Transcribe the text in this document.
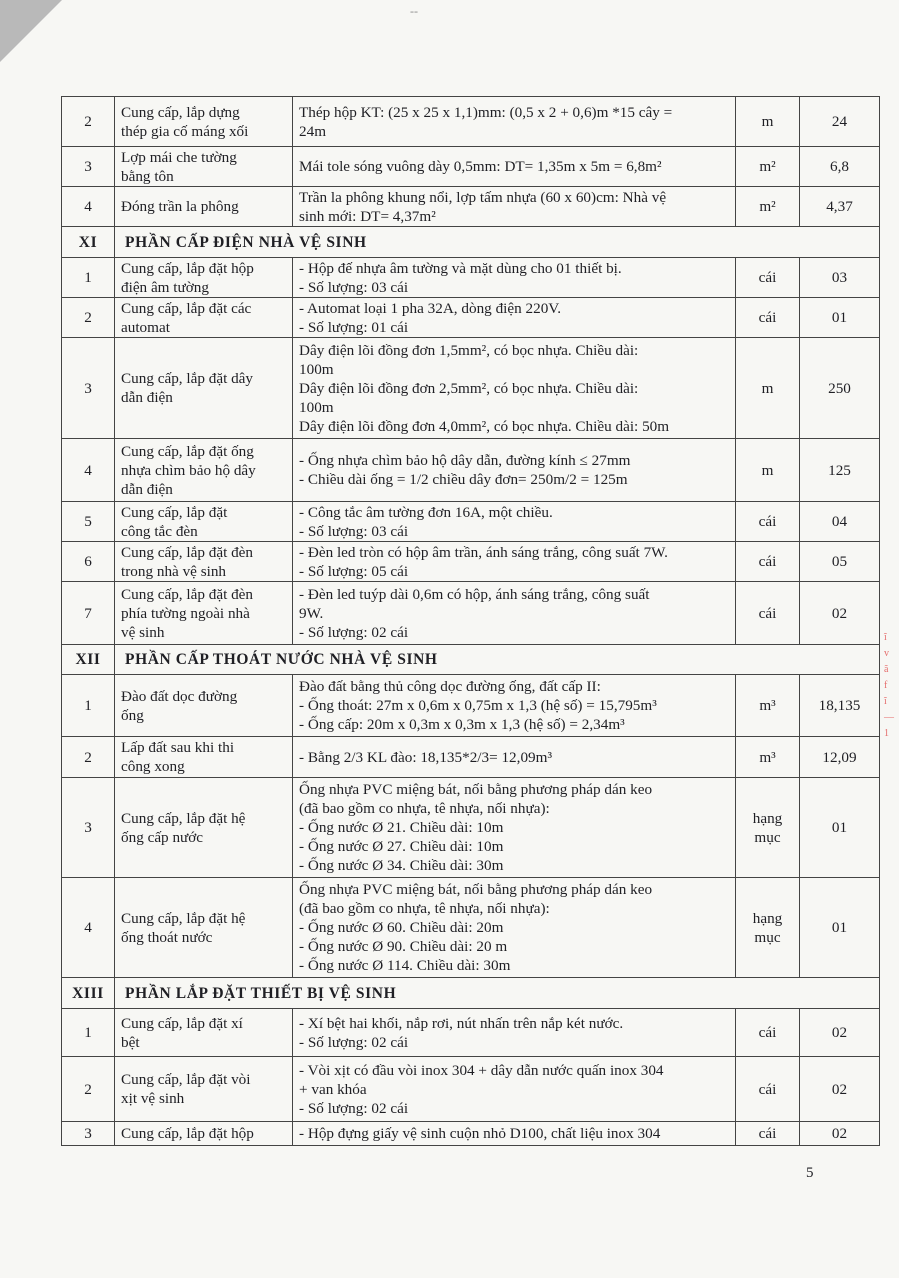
--
2	Cung cấp, lắp dựng
thép gia cố máng xối	Thép hộp KT: (25 x 25 x 1,1)mm: (0,5 x 2 + 0,6)m *15 cây =
24m	m	24
3	Lợp mái che tường
bằng tôn	Mái tole sóng vuông dày 0,5mm: DT= 1,35m x 5m = 6,8m²	m²	6,8
4	Đóng trần la phông	Trần la phông khung nổi, lợp tấm nhựa (60 x 60)cm: Nhà vệ
sinh mới: DT= 4,37m²	m²	4,37
XI	PHẦN CẤP ĐIỆN NHÀ VỆ SINH			
1	Cung cấp, lắp đặt hộp
điện âm tường	- Hộp đế nhựa âm tường và mặt dùng cho 01 thiết bị.
- Số lượng: 03 cái	cái	03
2	Cung cấp, lắp đặt các
automat	- Automat loại 1 pha 32A, dòng điện 220V.
- Số lượng: 01 cái	cái	01
3	Cung cấp, lắp đặt dây
dẫn điện	Dây điện lõi đồng đơn 1,5mm², có bọc nhựa. Chiều dài:
100m
Dây điện lõi đồng đơn 2,5mm², có bọc nhựa. Chiều dài:
100m
Dây điện lõi đồng đơn 4,0mm², có bọc nhựa. Chiều dài: 50m	m	250
4	Cung cấp, lắp đặt ống
nhựa chìm bảo hộ dây
dẫn điện	- Ống nhựa chìm bảo hộ dây dẫn, đường kính ≤ 27mm
- Chiều dài ống = 1/2 chiều dây đơn= 250m/2 = 125m	m	125
5	Cung cấp, lắp đặt
công tắc đèn	- Công tắc âm tường đơn 16A, một chiều.
- Số lượng: 03 cái	cái	04
6	Cung cấp, lắp đặt đèn
trong nhà vệ sinh	- Đèn led tròn có hộp âm trần, ánh sáng trắng, công suất 7W.
- Số lượng: 05 cái	cái	05
7	Cung cấp, lắp đặt đèn
phía tường ngoài nhà
vệ sinh	- Đèn led tuýp dài 0,6m có hộp, ánh sáng trắng, công suất
9W.
- Số lượng: 02 cái	cái	02
XII	PHẦN CẤP THOÁT NƯỚC NHÀ VỆ SINH			
1	Đào đất dọc đường
ống	Đào đất bằng thủ công dọc đường ống, đất cấp II:
- Ống thoát: 27m x 0,6m x 0,75m x 1,3 (hệ số) = 15,795m³
- Ống cấp: 20m x 0,3m x 0,3m x 1,3 (hệ số) = 2,34m³	m³	18,135
2	Lấp đất sau khi thi
công xong	- Bằng 2/3 KL đào: 18,135*2/3= 12,09m³	m³	12,09
3	Cung cấp, lắp đặt hệ
ống cấp nước	Ống nhựa PVC miệng bát, nối bằng phương pháp dán keo
(đã bao gồm co nhựa, tê nhựa, nối nhựa):
- Ống nước Ø 21. Chiều dài: 10m
- Ống nước Ø 27. Chiều dài: 10m
- Ống nước Ø 34. Chiều dài: 30m	hạng mục	01
4	Cung cấp, lắp đặt hệ
ống thoát nước	Ống nhựa PVC miệng bát, nối bằng phương pháp dán keo
(đã bao gồm co nhựa, tê nhựa, nối nhựa):
- Ống nước Ø 60. Chiều dài: 20m
- Ống nước Ø 90. Chiều dài: 20 m
- Ống nước Ø 114. Chiều dài: 30m	hạng mục	01
XIII	PHẦN LẮP ĐẶT THIẾT BỊ VỆ SINH			
1	Cung cấp, lắp đặt xí
bệt	- Xí bệt hai khối, nắp rơi, nút nhấn trên nắp két nước.
- Số lượng: 02 cái	cái	02
2	Cung cấp, lắp đặt vòi
xịt vệ sinh	- Vòi xịt có đầu vòi inox 304 + dây dẫn nước quấn inox 304
+ van khóa
- Số lượng: 02 cái	cái	02
3	Cung cấp, lắp đặt hộp	- Hộp đựng giấy vệ sinh cuộn nhỏ D100, chất liệu inox 304	cái	02
ĩ
v
ã
f
ĩ
—
1
5
